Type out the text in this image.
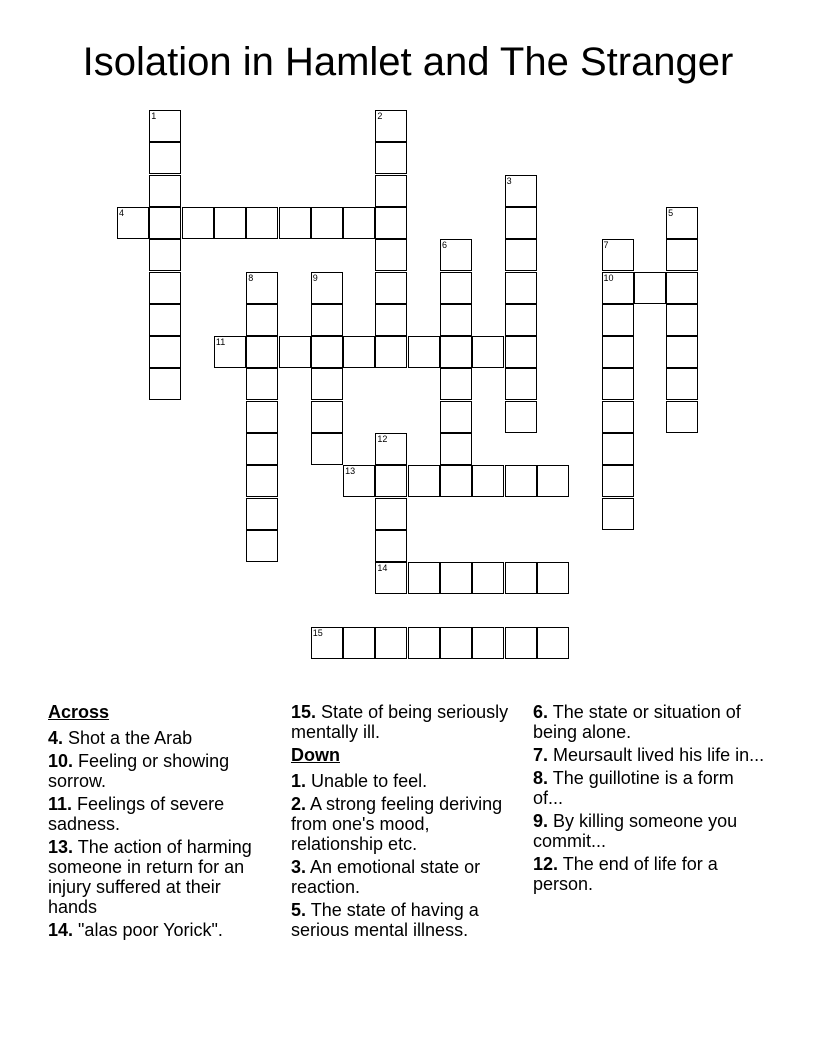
Isolation in Hamlet and The Stranger
1	2
3
4	5
6	7
10
8	9
11
12
14
13
15
Across
4. Shot a the Arab
10. Feeling or showing sorrow.
11. Feelings of severe sadness.
13. The action of harming someone in return for an injury suffered at their hands
14. "alas poor Yorick".
15. State of being seriously mentally ill.
Down
1. Unable to feel.
2. A strong feeling deriving from one's mood, relationship etc.
3. An emotional state or reaction.
5. The state of having a serious mental illness.
6. The state or situation of being alone.
7. Meursault lived his life in...
8. The guillotine is a form of...
9. By killing someone you commit...
12. The end of life for a person.
